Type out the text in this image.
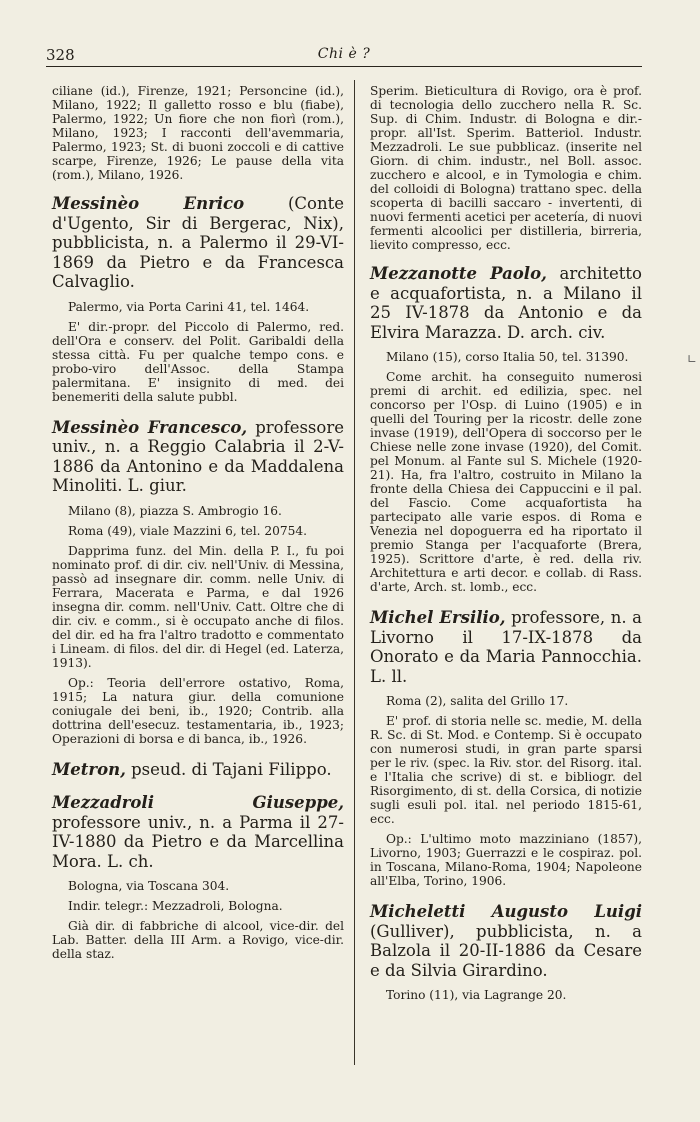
328	Chi è ?

ciliane (id.), Firenze, 1921; Personcine (id.), Milano, 1922; Il galletto rosso e blu (fiabe), Palermo, 1922; Un fiore che non fiorì (rom.), Milano, 1923; I racconti dell'avemmaria, Palermo, 1923; St. di buoni zoccoli e di cattive scarpe, Firenze, 1926; Le pause della vita (rom.), Milano, 1926.

Messinèo Enrico (Conte d'Ugento, Sir di Bergerac, Nix), pubblicista, n. a Palermo il 29-VI-1869 da Pietro e da Francesca Calvaglio.

Palermo, via Porta Carini 41, tel. 1464.

E' dir.-propr. del Piccolo di Palermo, red. dell'Ora e conserv. del Polit. Garibaldi della stessa città. Fu per qualche tempo cons. e probo-viro dell'Assoc. della Stampa palermitana. E' insignito di med. dei benemeriti della salute pubbl.

Messinèo Francesco, professore univ., n. a Reggio Calabria il 2-V-1886 da Antonino e da Maddalena Minoliti. L. giur.

Milano (8), piazza S. Ambrogio 16.

Roma (49), viale Mazzini 6, tel. 20754.

Dapprima funz. del Min. della P. I., fu poi nominato prof. di dir. civ. nell'Univ. di Messina, passò ad insegnare dir. comm. nelle Univ. di Ferrara, Macerata e Parma, e dal 1926 insegna dir. comm. nell'Univ. Catt. Oltre che di dir. civ. e comm., si è occupato anche di filos. del dir. ed ha fra l'altro tradotto e commentato i Lineam. di filos. del dir. di Hegel (ed. Laterza, 1913).

Op.: Teoria dell'errore ostativo, Roma, 1915; La natura giur. della comunione coniugale dei beni, ib., 1920; Contrib. alla dottrina dell'esecuz. testamentaria, ib., 1923; Operazioni di borsa e di banca, ib., 1926.

Metron, pseud. di Tajani Filippo.

Mezzadroli Giuseppe, professore univ., n. a Parma il 27-IV-1880 da Pietro e da Marcellina Mora. L. ch.

Bologna, via Toscana 304.

Indir. telegr.: Mezzadroli, Bologna.

Già dir. di fabbriche di alcool, vice-dir. del Lab. Batter. della III Arm. a Rovigo, vice-dir. della staz.

Sperim. Bieticultura di Rovigo, ora è prof. di tecnologia dello zucchero nella R. Sc. Sup. di Chim. Industr. di Bologna e dir.-propr. all'Ist. Sperim. Batteriol. Industr. Mezzadroli. Le sue pubblicaz. (inserite nel Giorn. di chim. industr., nel Boll. assoc. zucchero e alcool, e in Tymologia e chim. del colloidi di Bologna) trattano spec. della scoperta di bacilli saccaro - invertenti, di nuovi fermenti acetici per acetería, di nuovi fermenti alcoolici per distilleria, birreria, lievito compresso, ecc.

Mezzanotte Paolo, architetto e acquafortista, n. a Milano il 25 IV-1878 da Antonio e da Elvira Marazza. D. arch. civ.

Milano (15), corso Italia 50, tel. 31390.

Come archit. ha conseguito numerosi premi di archit. ed edilizia, spec. nel concorso per l'Osp. di Luino (1905) e in quelli del Touring per la ricostr. delle zone invase (1919), dell'Opera di soccorso per le Chiese nelle zone invase (1920), del Comit. pel Monum. al Fante sul S. Michele (1920-21). Ha, fra l'altro, costruito in Milano la fronte della Chiesa dei Cappuccini e il pal. del Fascio. Come acquafortista ha partecipato alle varie espos. di Roma e Venezia nel dopoguerra ed ha riportato il premio Stanga per l'acquaforte (Brera, 1925). Scrittore d'arte, è red. della riv. Architettura e arti decor. e collab. di Rass. d'arte, Arch. st. lomb., ecc.

Michel Ersilio, professore, n. a Livorno il 17-IX-1878 da Onorato e da Maria Pannocchia. L. ll.

Roma (2), salita del Grillo 17.

E' prof. di storia nelle sc. medie, M. della R. Sc. di St. Mod. e Contemp. Si è occupato con numerosi studi, in gran parte sparsi per le riv. (spec. la Riv. stor. del Risorg. ital. e l'Italia che scrive) di st. e bibliogr. del Risorgimento, di st. della Corsica, di notizie sugli esuli pol. ital. nel periodo 1815-61, ecc.

Op.: L'ultimo moto mazziniano (1857), Livorno, 1903; Guerrazzi e le cospiraz. pol. in Toscana, Milano-Roma, 1904; Napoleone all'Elba, Torino, 1906.

Micheletti Augusto Luigi (Gulliver), pubblicista, n. a Balzola il 20-II-1886 da Cesare e da Silvia Girardino.

Torino (11), via Lagrange 20.

∟
